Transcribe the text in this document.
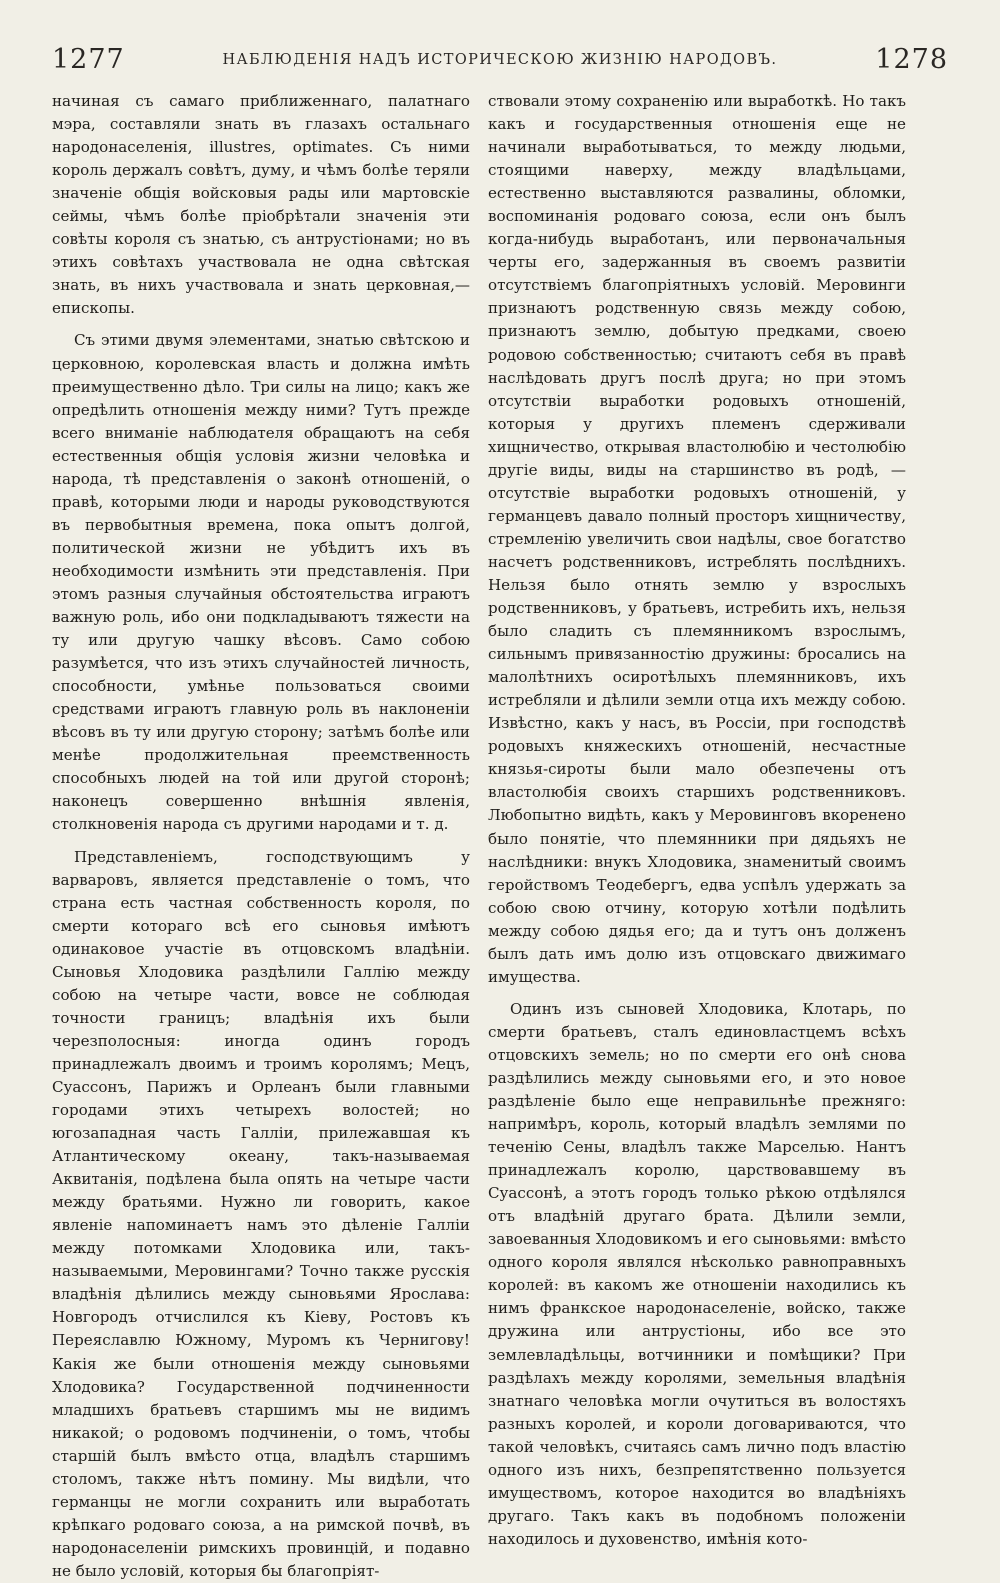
1277	НАБЛЮДЕНІЯ НАДЪ ИСТОРИЧЕСКОЮ ЖИЗНІЮ НАРОДОВЪ.	1278

начиная съ самаго приближеннаго, палатнаго мэра, составляли знать въ глазахъ остальнаго народонаселенія, illustres, optimates. Съ ними король держалъ совѣтъ, думу, и чѣмъ болѣе теряли значеніе общія войсковыя рады или мартовскіе сеймы, чѣмъ болѣе пріобрѣтали значенія эти совѣты короля съ знатью, съ антрустіонами; но въ этихъ совѣтахъ участвовала не одна свѣтская знать, въ нихъ участвовала и знать церковная,—епископы.

Съ этими двумя элементами, знатью свѣтскою и церковною, королевская власть и должна имѣть преимущественно дѣло. Три силы на лицо; какъ же опредѣлить отношенія между ними? Тутъ прежде всего вниманіе наблюдателя обращаютъ на себя естественныя общія условія жизни человѣка и народа, тѣ представленія о законѣ отношеній, о правѣ, которыми люди и народы руководствуются въ первобытныя времена, пока опытъ долгой, политической жизни не убѣдитъ ихъ въ необходимости измѣнить эти представленія. При этомъ разныя случайныя обстоятельства играютъ важную роль, ибо они подкладываютъ тяжести на ту или другую чашку вѣсовъ. Само собою разумѣется, что изъ этихъ случайностей личность, способности, умѣнье пользоваться своими средствами играютъ главную роль въ наклоненіи вѣсовъ въ ту или другую сторону; затѣмъ болѣе или менѣе продолжительная преемственность способныхъ людей на той или другой сторонѣ; наконецъ совершенно внѣшнія явленія, столкновенія народа съ другими народами и т. д.

Представленіемъ, господствующимъ у варваровъ, является представленіе о томъ, что страна есть частная собственность короля, по смерти котораго всѣ его сыновья имѣютъ одинаковое участіе въ отцовскомъ владѣніи. Сыновья Хлодовика раздѣлили Галлію между собою на четыре части, вовсе не соблюдая точности границъ; владѣнія ихъ были черезполосныя: иногда одинъ городъ принадлежалъ двоимъ и троимъ королямъ; Мецъ, Суассонъ, Парижъ и Орлеанъ были главными городами этихъ четырехъ волостей; но югозападная часть Галліи, прилежавшая къ Атлантическому океану, такъ-называемая Аквитанія, подѣлена была опять на четыре части между братьями. Нужно ли говорить, какое явленіе напоминаетъ намъ это дѣленіе Галліи между потомками Хлодовика или, такъ-называемыми, Меровингами? Точно также русскія владѣнія дѣлились между сыновьями Ярослава: Новгородъ отчислился къ Кіеву, Ростовъ къ Переяславлю Южному, Муромъ къ Чернигову! Какія же были отношенія между сыновьями Хлодовика? Государственной подчиненности младшихъ братьевъ старшимъ мы не видимъ никакой; о родовомъ подчиненіи, о томъ, чтобы старшій былъ вмѣсто отца, владѣлъ старшимъ столомъ, также нѣтъ помину. Мы видѣли, что германцы не могли сохранить или выработать крѣпкаго родоваго союза, а на римской почвѣ, въ народонаселеніи римскихъ провинцій, и подавно не было условій, которыя бы благопріят-

ствовали этому сохраненію или выработкѣ. Но такъ какъ и государственныя отношенія еще не начинали выработываться, то между людьми, стоящими наверху, между владѣльцами, естественно выставляются развалины, обломки, воспоминанія родоваго союза, если онъ былъ когда-нибудь выработанъ, или первоначальныя черты его, задержанныя въ своемъ развитіи отсутствіемъ благопріятныхъ условій. Меровинги признаютъ родственную связь между собою, признаютъ землю, добытую предками, своею родовою собственностью; считаютъ себя въ правѣ наслѣдовать другъ послѣ друга; но при этомъ отсутствіи выработки родовыхъ отношеній, которыя у другихъ племенъ сдерживали хищничество, открывая властолюбію и честолюбію другіе виды, виды на старшинство въ родѣ, — отсутствіе выработки родовыхъ отношеній, у германцевъ давало полный просторъ хищничеству, стремленію увеличить свои надѣлы, свое богатство насчетъ родственниковъ, истреблять послѣднихъ. Нельзя было отнять землю у взрослыхъ родственниковъ, у братьевъ, истребить ихъ, нельзя было сладить съ племянникомъ взрослымъ, сильнымъ привязанностію дружины: бросались на малолѣтнихъ осиротѣлыхъ племянниковъ, ихъ истребляли и дѣлили земли отца ихъ между собою. Извѣстно, какъ у насъ, въ Россіи, при господствѣ родовыхъ княжескихъ отношеній, несчастные князья-сироты были мало обезпечены отъ властолюбія своихъ старшихъ родственниковъ. Любопытно видѣть, какъ у Меровинговъ вкоренено было понятіе, что племянники при дядьяхъ не наслѣдники: внукъ Хлодовика, знаменитый своимъ геройствомъ Теодебергъ, едва успѣлъ удержать за собою свою отчину, которую хотѣли подѣлить между собою дядья его; да и тутъ онъ долженъ былъ дать имъ долю изъ отцовскаго движимаго имущества.

Одинъ изъ сыновей Хлодовика, Клотарь, по смерти братьевъ, сталъ единовластцемъ всѣхъ отцовскихъ земель; но по смерти его онѣ снова раздѣлились между сыновьями его, и это новое раздѣленіе было еще неправильнѣе прежняго: напримѣръ, король, который владѣлъ землями по теченію Сены, владѣлъ также Марселью. Нантъ принадлежалъ королю, царствовавшему въ Суассонѣ, а этотъ городъ только рѣкою отдѣлялся отъ владѣній другаго брата. Дѣлили земли, завоеванныя Хлодовикомъ и его сыновьями: вмѣсто одного короля являлся нѣсколько равноправныхъ королей: въ какомъ же отношеніи находились къ нимъ франкское народонаселеніе, войско, также дружина или антрустіоны, ибо все это землевладѣльцы, вотчинники и помѣщики? При раздѣлахъ между королями, земельныя владѣнія знатнаго человѣка могли очутиться въ волостяхъ разныхъ королей, и короли договариваются, что такой человѣкъ, считаясь самъ лично подъ властію одного изъ нихъ, безпрепятственно пользуется имуществомъ, которое находится во владѣніяхъ другаго. Такъ какъ въ подобномъ положеніи находилось и духовенство, имѣнія кото-
